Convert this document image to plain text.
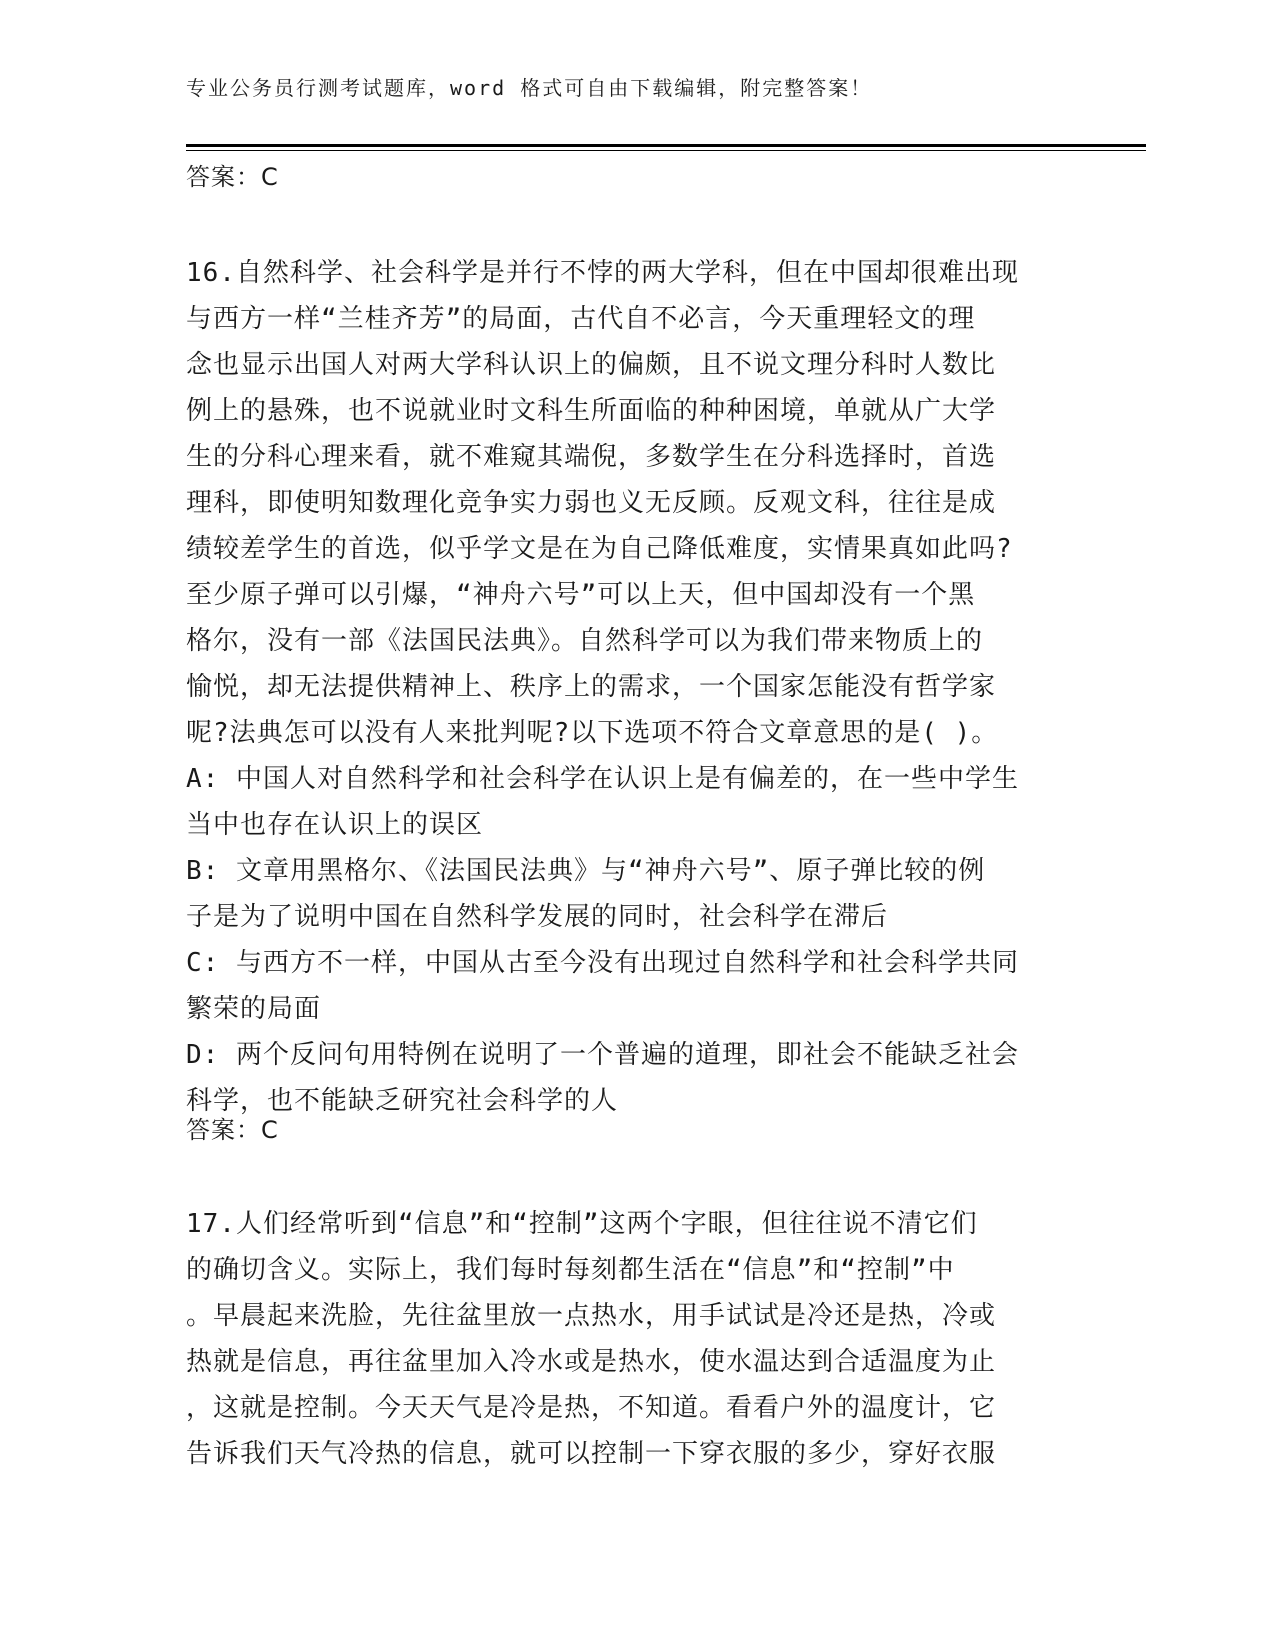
专业公务员行测考试题库，word 格式可自由下载编辑，附完整答案！
答案：C
16.自然科学、社会科学是并行不悖的两大学科，但在中国却很难出现
与西方一样“兰桂齐芳”的局面，古代自不必言，今天重理轻文的理
念也显示出国人对两大学科认识上的偏颇，且不说文理分科时人数比
例上的悬殊，也不说就业时文科生所面临的种种困境，单就从广大学
生的分科心理来看，就不难窥其端倪，多数学生在分科选择时，首选
理科，即使明知数理化竞争实力弱也义无反顾。反观文科，往往是成
绩较差学生的首选，似乎学文是在为自己降低难度，实情果真如此吗?
至少原子弹可以引爆，“神舟六号”可以上天，但中国却没有一个黑
格尔，没有一部《法国民法典》。自然科学可以为我们带来物质上的
愉悦，却无法提供精神上、秩序上的需求，一个国家怎能没有哲学家
呢?法典怎可以没有人来批判呢?以下选项不符合文章意思的是( )。
A: 中国人对自然科学和社会科学在认识上是有偏差的，在一些中学生
当中也存在认识上的误区
B: 文章用黑格尔、《法国民法典》与“神舟六号”、原子弹比较的例
子是为了说明中国在自然科学发展的同时，社会科学在滞后
C: 与西方不一样，中国从古至今没有出现过自然科学和社会科学共同
繁荣的局面
D: 两个反问句用特例在说明了一个普遍的道理，即社会不能缺乏社会
科学，也不能缺乏研究社会科学的人
答案：C
17.人们经常听到“信息”和“控制”这两个字眼，但往往说不清它们
的确切含义。实际上，我们每时每刻都生活在“信息”和“控制”中
。早晨起来洗脸，先往盆里放一点热水，用手试试是冷还是热，冷或
热就是信息，再往盆里加入冷水或是热水，使水温达到合适温度为止
，这就是控制。今天天气是冷是热，不知道。看看户外的温度计，它
告诉我们天气冷热的信息，就可以控制一下穿衣服的多少，穿好衣服
